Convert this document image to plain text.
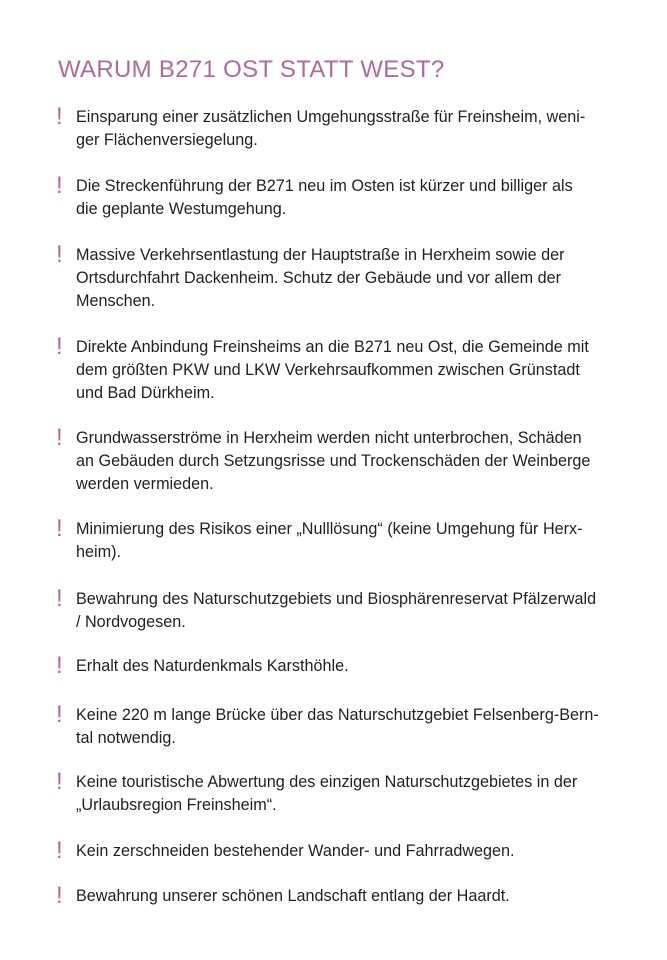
WARUM B271 OST STATT WEST?
! Einsparung einer zusätzlichen Umgehungsstraße für Freinsheim, weni-
ger Flächenversiegelung.

! Die Streckenführung der B271 neu im Osten ist kürzer und billiger als
die geplante Westumgehung.

! Massive Verkehrsentlastung der Hauptstraße in Herxheim sowie der
Ortsdurchfahrt Dackenheim. Schutz der Gebäude und vor allem der
Menschen.

! Direkte Anbindung Freinsheims an die B271 neu Ost, die Gemeinde mit
dem größten PKW und LKW Verkehrsaufkommen zwischen Grünstadt
und Bad Dürkheim.

! Grundwasserströme in Herxheim werden nicht unterbrochen, Schäden
an Gebäuden durch Setzungsrisse und Trockenschäden der Weinberge
werden vermieden.

! Minimierung des Risikos einer „Nulllösung“ (keine Umgehung für Herx-
heim).

! Bewahrung des Naturschutzgebiets und Biosphärenreservat Pfälzerwald
/ Nordvogesen.

! Erhalt des Naturdenkmals Karsthöhle.

! Keine 220 m lange Brücke über das Naturschutzgebiet Felsenberg-Bern-
tal notwendig.

! Keine touristische Abwertung des einzigen Naturschutzgebietes in der
„Urlaubsregion Freinsheim“.

! Kein zerschneiden bestehender Wander- und Fahrradwegen.

! Bewahrung unserer schönen Landschaft entlang der Haardt.
